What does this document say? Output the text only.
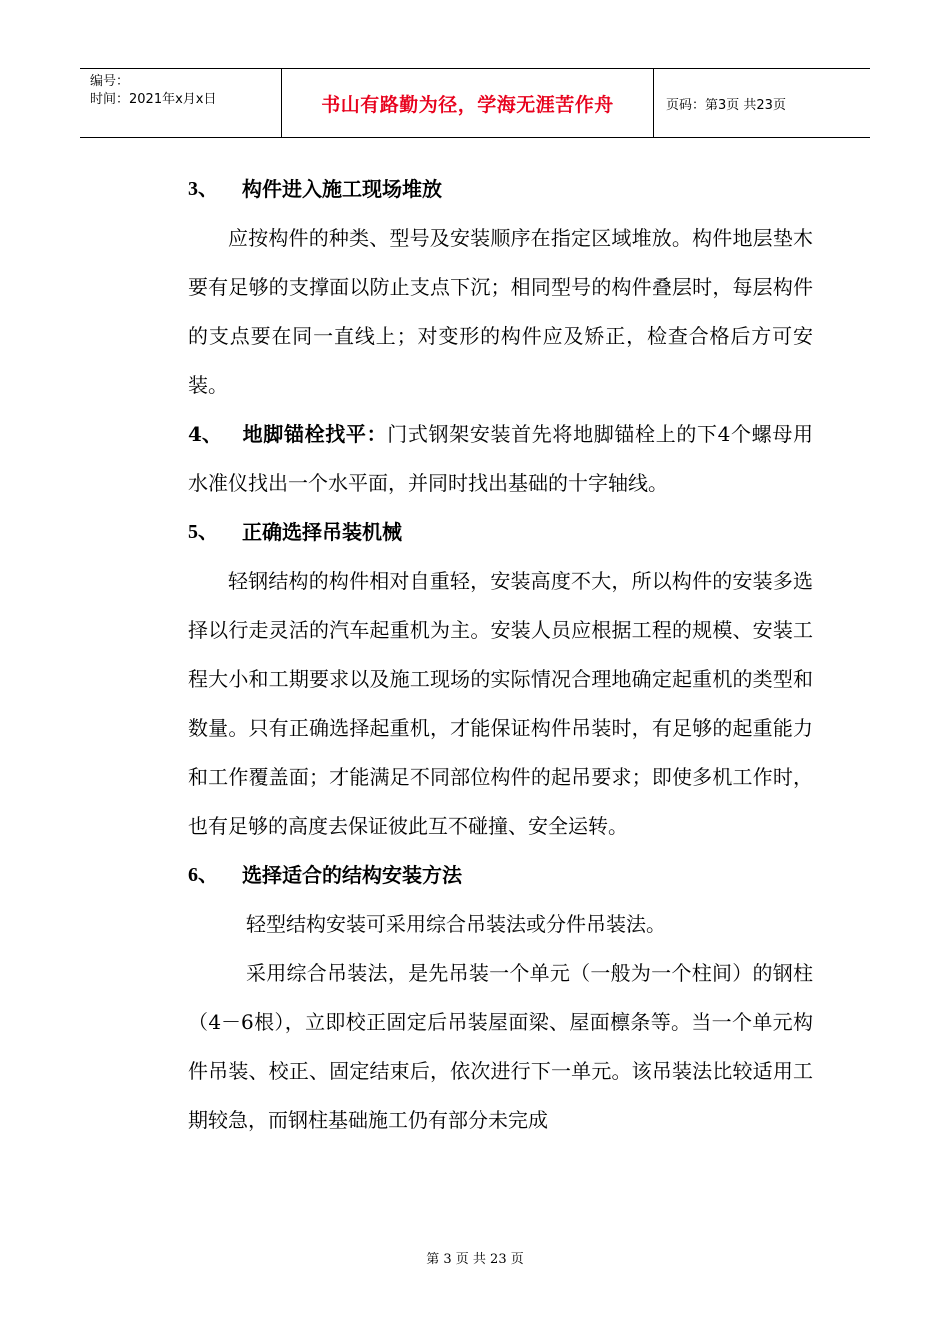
编号：
时间：2021年x月x日	书山有路勤为径，学海无涯苦作舟	页码：第3页 共23页
3、	构件进入施工现场堆放

应按构件的种类、型号及安装顺序在指定区域堆放。构件地层垫木要有足够的支撑面以防止支点下沉；相同型号的构件叠层时，每层构件的支点要在同一直线上；对变形的构件应及矫正，检查合格后方可安装。

4、 地脚锚栓找平：门式钢架安装首先将地脚锚栓上的下4个螺母用水准仪找出一个水平面，并同时找出基础的十字轴线。

5、	正确选择吊装机械

轻钢结构的构件相对自重轻，安装高度不大，所以构件的安装多选择以行走灵活的汽车起重机为主。安装人员应根据工程的规模、安装工程大小和工期要求以及施工现场的实际情况合理地确定起重机的类型和数量。只有正确选择起重机，才能保证构件吊装时，有足够的起重能力和工作覆盖面；才能满足不同部位构件的起吊要求；即使多机工作时，也有足够的高度去保证彼此互不碰撞、安全运转。

6、	选择适合的结构安装方法

轻型结构安装可采用综合吊装法或分件吊装法。

采用综合吊装法，是先吊装一个单元（一般为一个柱间）的钢柱（4－6根），立即校正固定后吊装屋面梁、屋面檩条等。当一个单元构件吊装、校正、固定结束后，依次进行下一单元。该吊装法比较适用工期较急，而钢柱基础施工仍有部分未完成

第 3 页 共 23 页
